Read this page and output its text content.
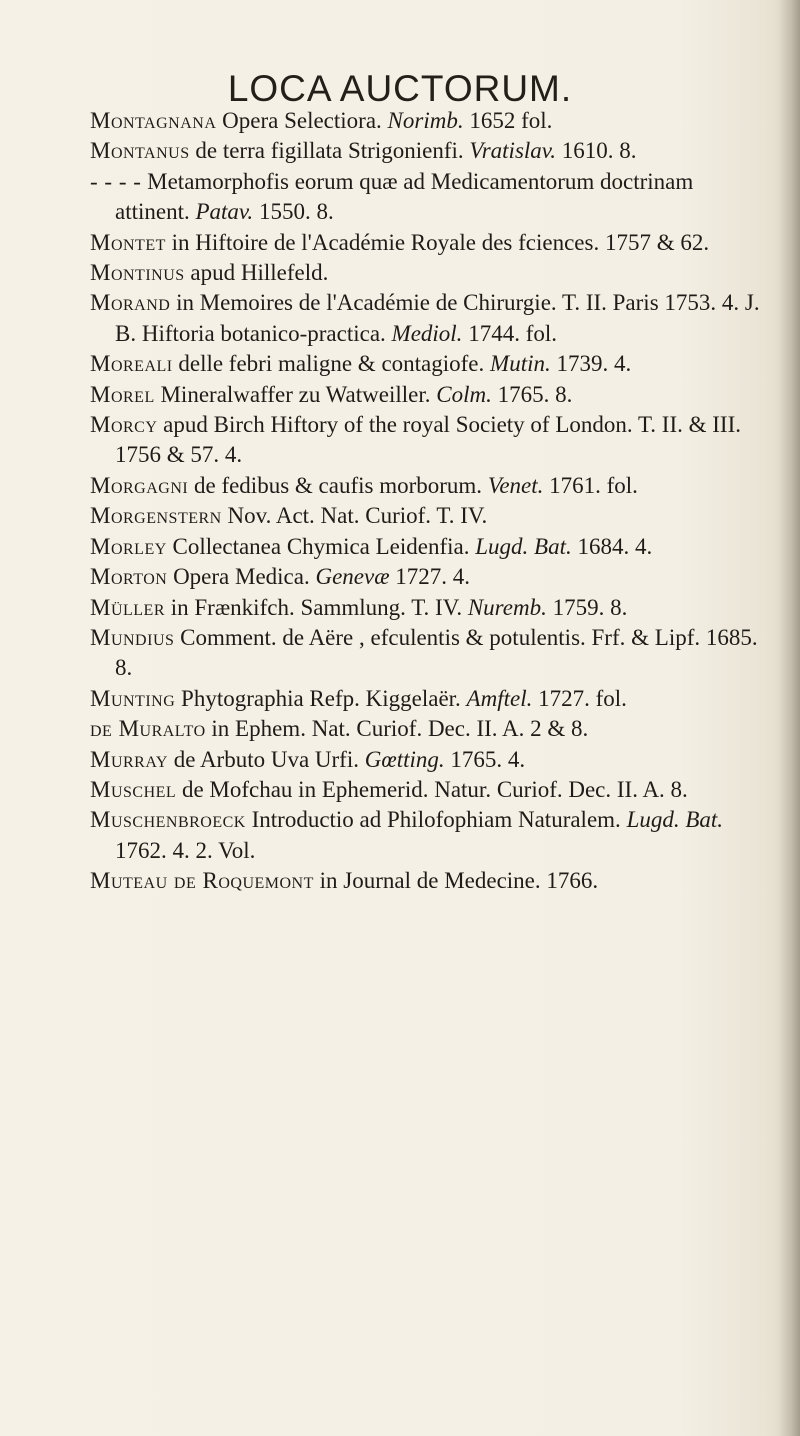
LOCA AUCTORUM.

Montagnana Opera Selectiora. Norimb. 1652 fol.

Montanus de terra figillata Strigonienfi. Vratislav. 1610. 8.

- - - - Metamorphofis eorum quæ ad Medicamentorum doctrinam attinent. Patav. 1550. 8.

Montet in Hiftoire de l'Académie Royale des fciences. 1757 & 62.

Montinus apud Hillefeld.

Morand in Memoires de l'Académie de Chirurgie. T. II. Paris 1753. 4. J. B. Hiftoria botanico-practica. Mediol. 1744. fol.

Moreali delle febri maligne & contagiofe. Mutin. 1739. 4.

Morel Mineralwaffer zu Watweiller. Colm. 1765. 8.

Morcy apud Birch Hiftory of the royal Society of London. T. II. & III. 1756 & 57. 4.

Morgagni de fedibus & caufis morborum. Venet. 1761. fol.

Morgenstern Nov. Act. Nat. Curiof. T. IV.

Morley Collectanea Chymica Leidenfia. Lugd. Bat. 1684. 4.

Morton Opera Medica. Genevæ 1727. 4.

Müller in Frænkifch. Sammlung. T. IV. Nuremb. 1759. 8.

Mundius Comment. de Aëre , efculentis & potulentis. Frf. & Lipf. 1685. 8.

Munting Phytographia Refp. Kiggelaër. Amftel. 1727. fol.

de Muralto in Ephem. Nat. Curiof. Dec. II. A. 2 & 8.

Murray de Arbuto Uva Urfi. Gœtting. 1765. 4.

Muschel de Mofchau in Ephemerid. Natur. Curiof. Dec. II. A. 8.

Muschenbroeck Introductio ad Philofophiam Naturalem. Lugd. Bat. 1762. 4. 2. Vol.

Muteau de Roquemont in Journal de Medecine. 1766.
